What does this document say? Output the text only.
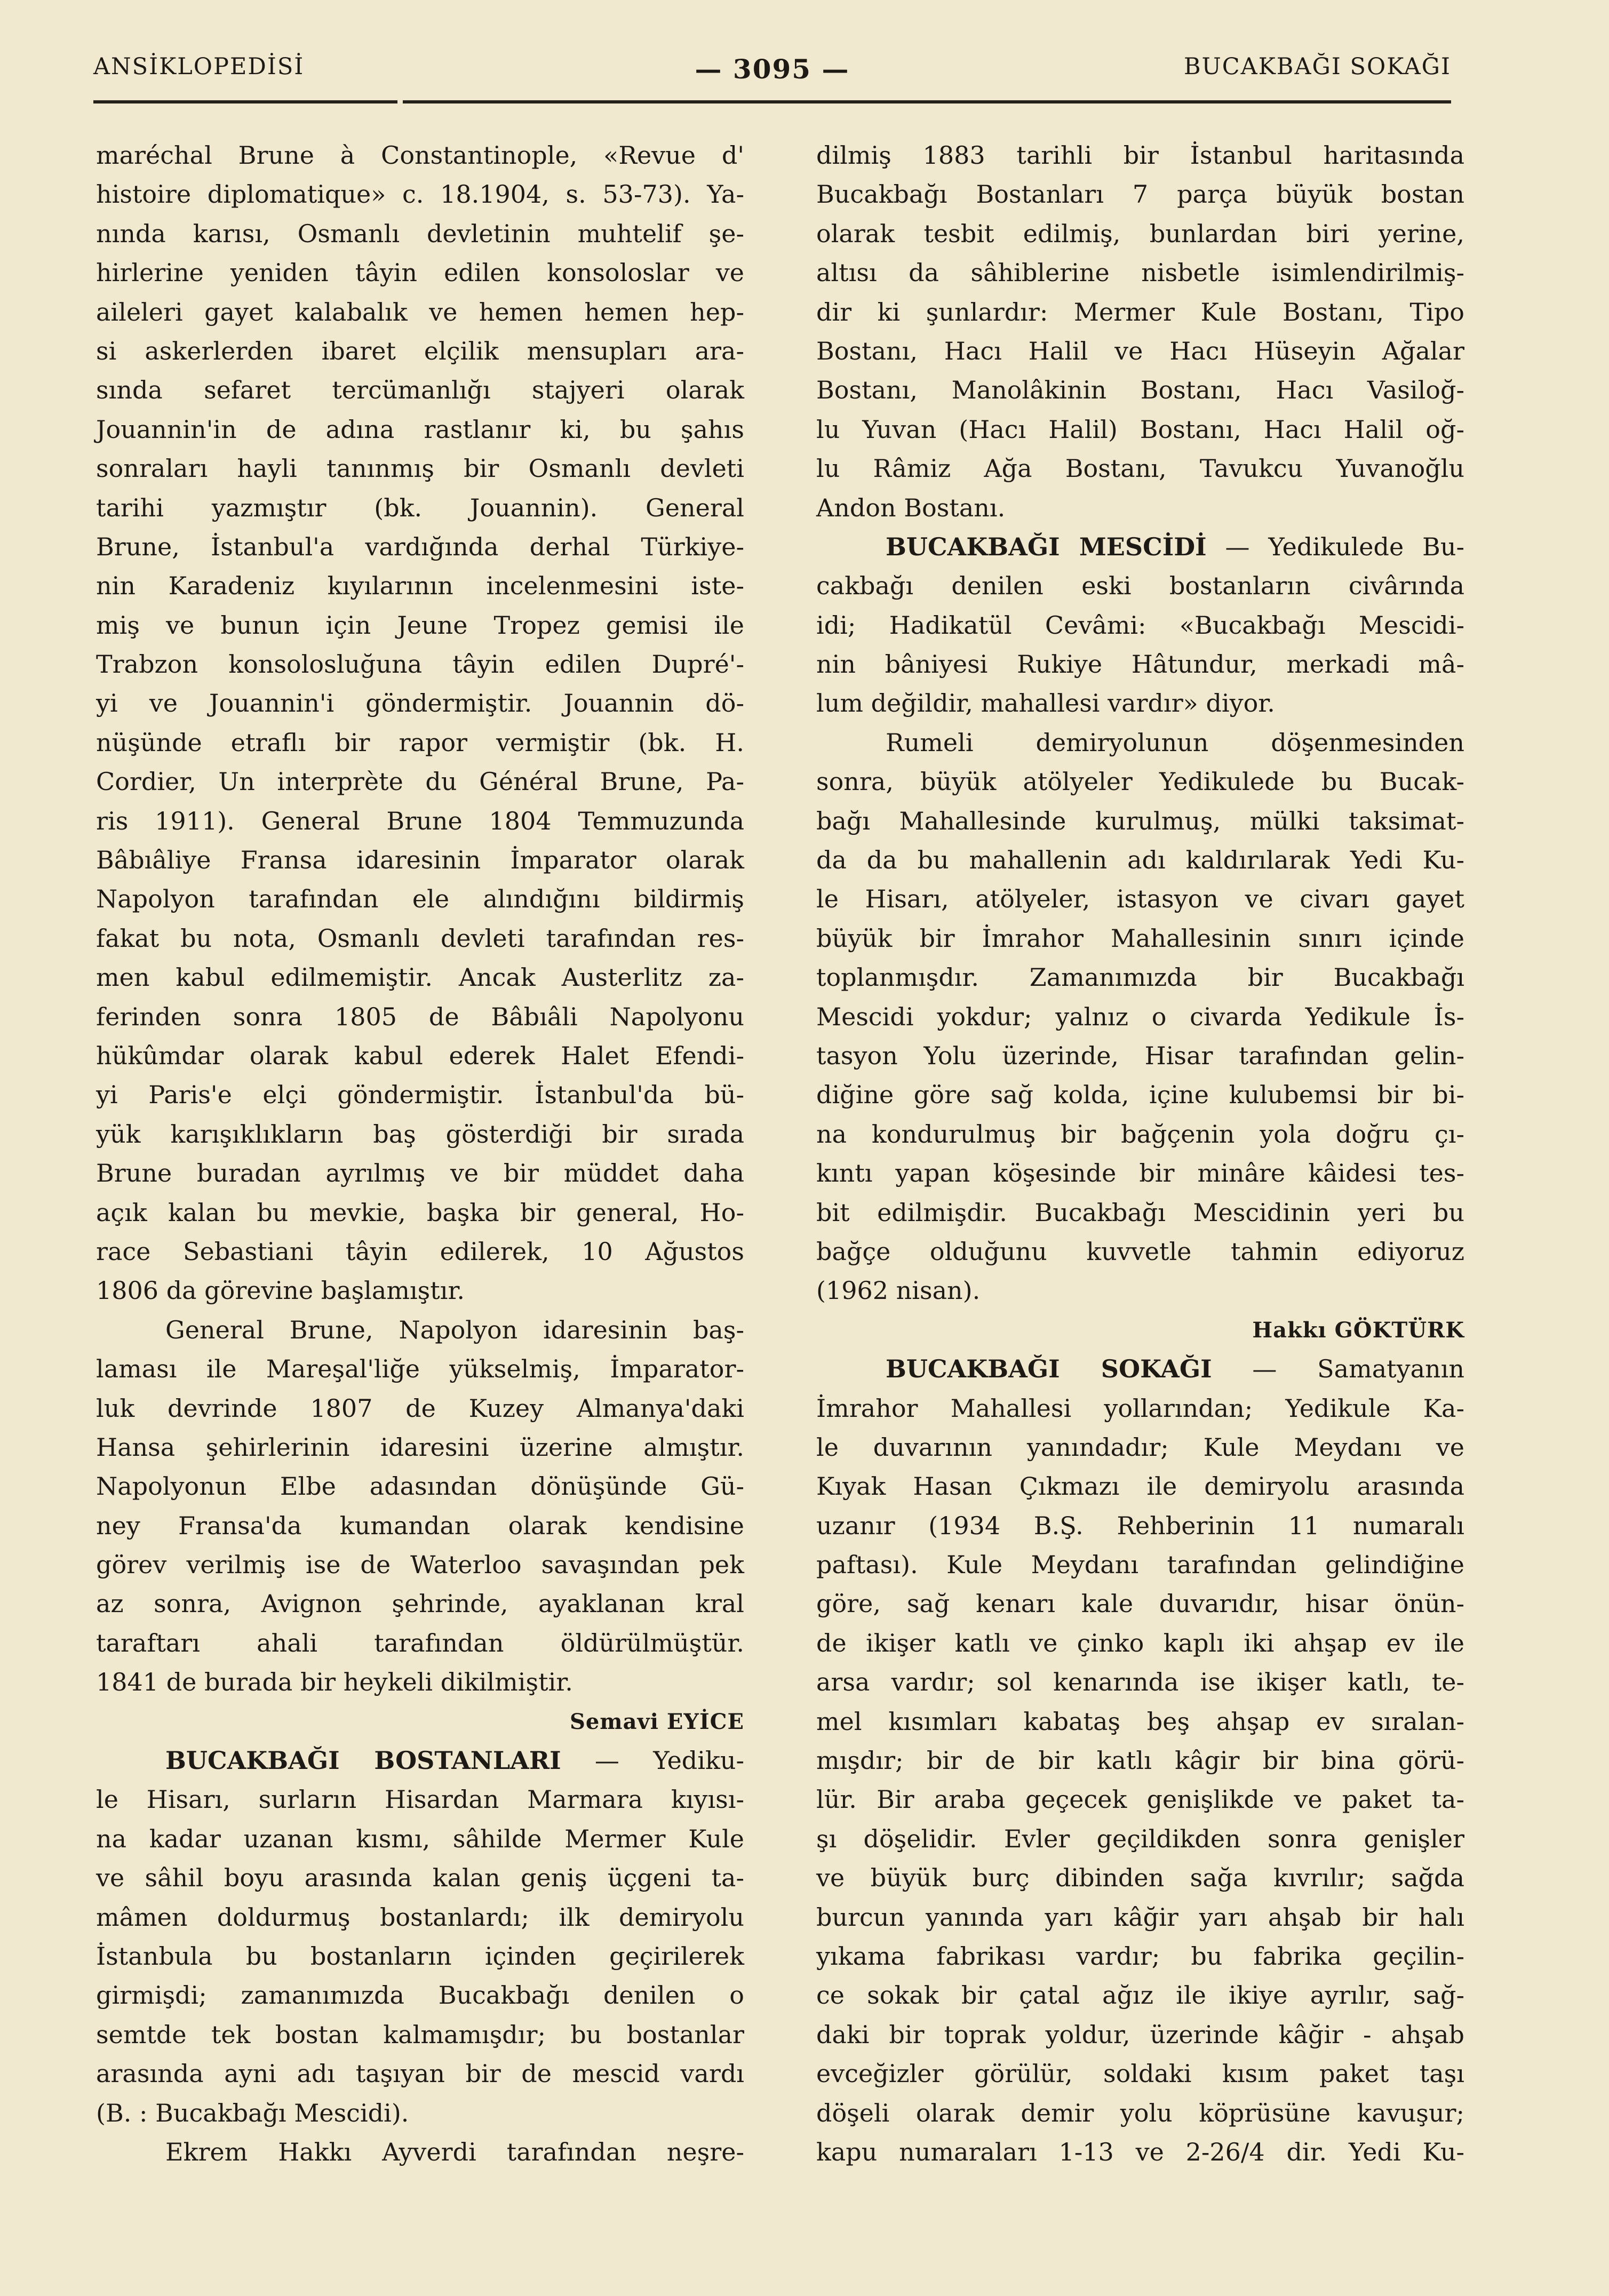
ANSİKLOPEDİSİ	— 3095 —	BUCAKBAĞI SOKAĞI
maréchal Brune à Constantinople, «Revue d'
histoire diplomatique» c. 18.1904, s. 53-73). Ya-
nında karısı, Osmanlı devletinin muhtelif şe-
hirlerine yeniden tâyin edilen konsoloslar ve
aileleri gayet kalabalık ve hemen hemen hep-
si askerlerden ibaret elçilik mensupları ara-
sında sefaret tercümanlığı stajyeri olarak
Jouannin'in de adına rastlanır ki, bu şahıs
sonraları hayli tanınmış bir Osmanlı devleti
tarihi yazmıştır (bk. Jouannin). General
Brune, İstanbul'a vardığında derhal Türkiye-
nin Karadeniz kıyılarının incelenmesini iste-
miş ve bunun için Jeune Tropez gemisi ile
Trabzon konsolosluğuna tâyin edilen Dupré'-
yi ve Jouannin'i göndermiştir. Jouannin dö-
nüşünde etraflı bir rapor vermiştir (bk. H.
Cordier, Un interprète du Général Brune, Pa-
ris 1911). General Brune 1804 Temmuzunda
Bâbıâliye Fransa idaresinin İmparator olarak
Napolyon tarafından ele alındığını bildirmiş
fakat bu nota, Osmanlı devleti tarafından res-
men kabul edilmemiştir. Ancak Austerlitz za-
ferinden sonra 1805 de Bâbıâli Napolyonu
hükûmdar olarak kabul ederek Halet Efendi-
yi Paris'e elçi göndermiştir. İstanbul'da bü-
yük karışıklıkların baş gösterdiği bir sırada
Brune buradan ayrılmış ve bir müddet daha
açık kalan bu mevkie, başka bir general, Ho-
race Sebastiani tâyin edilerek, 10 Ağustos
1806 da görevine başlamıştır.
General Brune, Napolyon idaresinin baş-
laması ile Mareşal'liğe yükselmiş, İmparator-
luk devrinde 1807 de Kuzey Almanya'daki
Hansa şehirlerinin idaresini üzerine almıştır.
Napolyonun Elbe adasından dönüşünde Gü-
ney Fransa'da kumandan olarak kendisine
görev verilmiş ise de Waterloo savaşından pek
az sonra, Avignon şehrinde, ayaklanan kral
taraftarı ahali tarafından öldürülmüştür.
1841 de burada bir heykeli dikilmiştir.
Semavi EYİCE
BUCAKBAĞI BOSTANLARI — Yediku-
le Hisarı, surların Hisardan Marmara kıyısı-
na kadar uzanan kısmı, sâhilde Mermer Kule
ve sâhil boyu arasında kalan geniş üçgeni ta-
mâmen doldurmuş bostanlardı; ilk demiryolu
İstanbula bu bostanların içinden geçirilerek
girmişdi; zamanımızda Bucakbağı denilen o
semtde tek bostan kalmamışdır; bu bostanlar
arasında ayni adı taşıyan bir de mescid vardı
(B. : Bucakbağı Mescidi).
Ekrem Hakkı Ayverdi tarafından neşre-
dilmiş 1883 tarihli bir İstanbul haritasında
Bucakbağı Bostanları 7 parça büyük bostan
olarak tesbit edilmiş, bunlardan biri yerine,
altısı da sâhiblerine nisbetle isimlendirilmiş-
dir ki şunlardır: Mermer Kule Bostanı, Tipo
Bostanı, Hacı Halil ve Hacı Hüseyin Ağalar
Bostanı, Manolâkinin Bostanı, Hacı Vasiloğ-
lu Yuvan (Hacı Halil) Bostanı, Hacı Halil oğ-
lu Râmiz Ağa Bostanı, Tavukcu Yuvanoğlu
Andon Bostanı.
BUCAKBAĞI MESCİDİ — Yedikulede Bu-
cakbağı denilen eski bostanların civârında
idi; Hadikatül Cevâmi: «Bucakbağı Mescidi-
nin bâniyesi Rukiye Hâtundur, merkadi mâ-
lum değildir, mahallesi vardır» diyor.
Rumeli demiryolunun döşenmesinden
sonra, büyük atölyeler Yedikulede bu Bucak-
bağı Mahallesinde kurulmuş, mülki taksimat-
da da bu mahallenin adı kaldırılarak Yedi Ku-
le Hisarı, atölyeler, istasyon ve civarı gayet
büyük bir İmrahor Mahallesinin sınırı içinde
toplanmışdır. Zamanımızda bir Bucakbağı
Mescidi yokdur; yalnız o civarda Yedikule İs-
tasyon Yolu üzerinde, Hisar tarafından gelin-
diğine göre sağ kolda, içine kulubemsi bir bi-
na kondurulmuş bir bağçenin yola doğru çı-
kıntı yapan köşesinde bir minâre kâidesi tes-
bit edilmişdir. Bucakbağı Mescidinin yeri bu
bağçe olduğunu kuvvetle tahmin ediyoruz
(1962 nisan).
Hakkı GÖKTÜRK
BUCAKBAĞI SOKAĞI — Samatyanın
İmrahor Mahallesi yollarından; Yedikule Ka-
le duvarının yanındadır; Kule Meydanı ve
Kıyak Hasan Çıkmazı ile demiryolu arasında
uzanır (1934 B.Ş. Rehberinin 11 numaralı
paftası). Kule Meydanı tarafından gelindiğine
göre, sağ kenarı kale duvarıdır, hisar önün-
de ikişer katlı ve çinko kaplı iki ahşap ev ile
arsa vardır; sol kenarında ise ikişer katlı, te-
mel kısımları kabataş beş ahşap ev sıralan-
mışdır; bir de bir katlı kâgir bir bina görü-
lür. Bir araba geçecek genişlikde ve paket ta-
şı döşelidir. Evler geçildikden sonra genişler
ve büyük burç dibinden sağa kıvrılır; sağda
burcun yanında yarı kâğir yarı ahşab bir halı
yıkama fabrikası vardır; bu fabrika geçilin-
ce sokak bir çatal ağız ile ikiye ayrılır, sağ-
daki bir toprak yoldur, üzerinde kâğir - ahşab
evceğizler görülür, soldaki kısım paket taşı
döşeli olarak demir yolu köprüsüne kavuşur;
kapu numaraları 1-13 ve 2-26/4 dir. Yedi Ku-
